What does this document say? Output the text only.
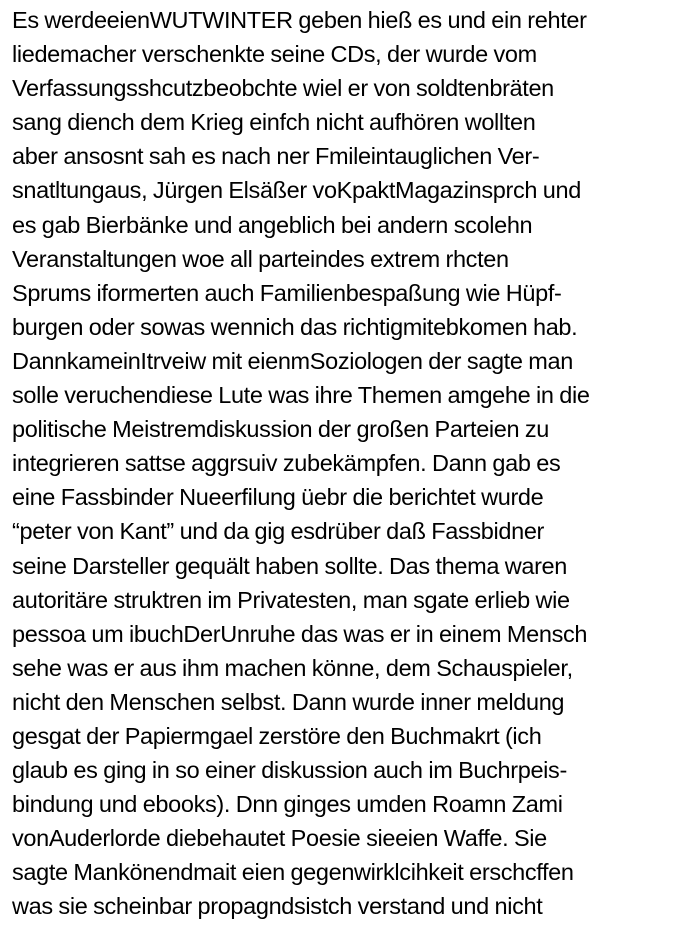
Es werdeeienWUTWINTER geben hieß es und ein rehter
liedemacher verschenkte seine CDs, der wurde vom
Verfassungsshcutzbeobchte wiel er von soldtenbräten
sang diench dem Krieg einfch nicht aufhören wollten
aber ansosnt sah es nach ner Fmileintauglichen Ver-
snatltungaus, Jürgen Elsäßer voKpaktMagazinsprch und
es gab Bierbänke und angeblich bei andern scolehn
Veranstaltungen woe all parteindes extrem rhcten
Sprums iformerten auch Familienbespaßung wie Hüpf-
burgen oder sowas wennich das richtigmitebkomen hab.
DannkameinItrveiw mit eienmSoziologen der sagte man
solle veruchendiese Lute was ihre Themen amgehe in die
politische Meistremdiskussion der großen Parteien zu
integrieren sattse aggrsuiv zubekämpfen. Dann gab es
eine Fassbinder Nueerfilung üebr die berichtet wurde
“peter von Kant” und da gig esdrüber daß Fassbidner
seine Darsteller gequält haben sollte. Das thema waren
autoritäre struktren im Privatesten, man sgate erlieb wie
pessoa um ibuchDerUnruhe das was er in einem Mensch
sehe was er aus ihm machen könne, dem Schauspieler,
nicht den Menschen selbst. Dann wurde inner meldung
gesgat der Papiermgael zerstöre den Buchmakrt (ich
glaub es ging in so einer diskussion auch im Buchrpeis-
bindung und ebooks). Dnn ginges umden Roamn Zami
vonAuderlorde diebehautet Poesie sieeien Waffe. Sie
sagte Mankönendmait eien gegenwirklcihkeit erschcffen
was sie scheinbar propagndsistch verstand und nicht
